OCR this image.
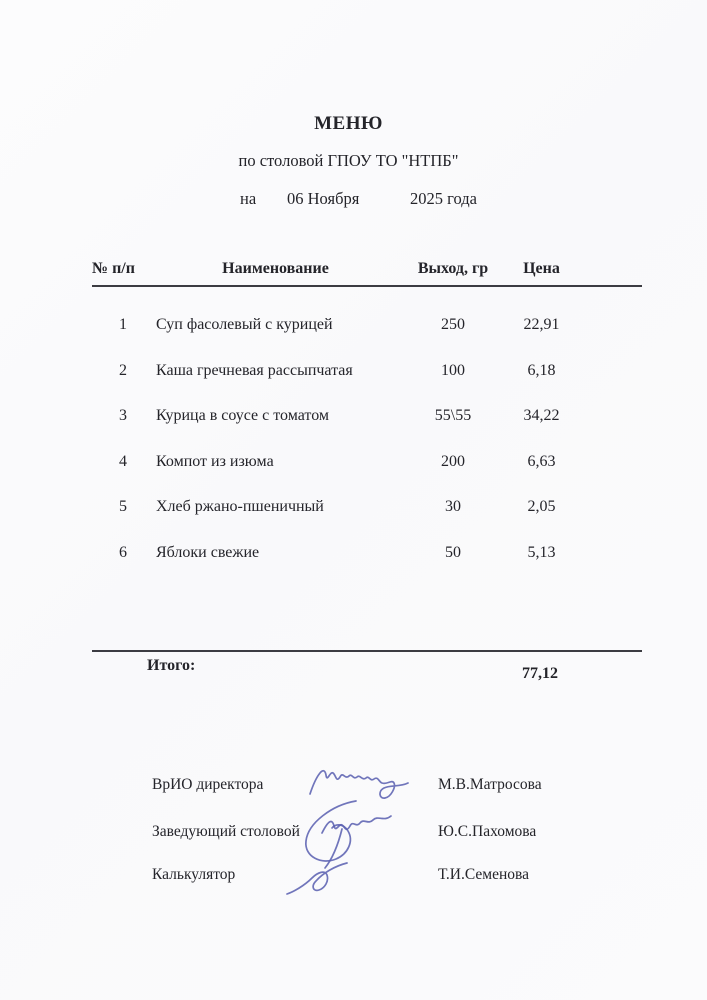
МЕНЮ
по столовой ГПОУ ТО "НТПБ"
на 06 Ноября	2025 года
№ п/п	Наименование	Выход, гр	Цена
1	Суп фасолевый с курицей	250	22,91
2	Каша гречневая рассыпчатая	100	6,18
3	Курица в соусе с томатом	55\55	34,22
4	Компот из изюма	200	6,63
5	Хлеб ржано-пшеничный	30	2,05
6	Яблоки свежие	50	5,13
Итого:	77,12
ВрИО директора	М.В.Матросова
Заведующий столовой	Ю.С.Пахомова
Калькулятор	Т.И.Семенова
